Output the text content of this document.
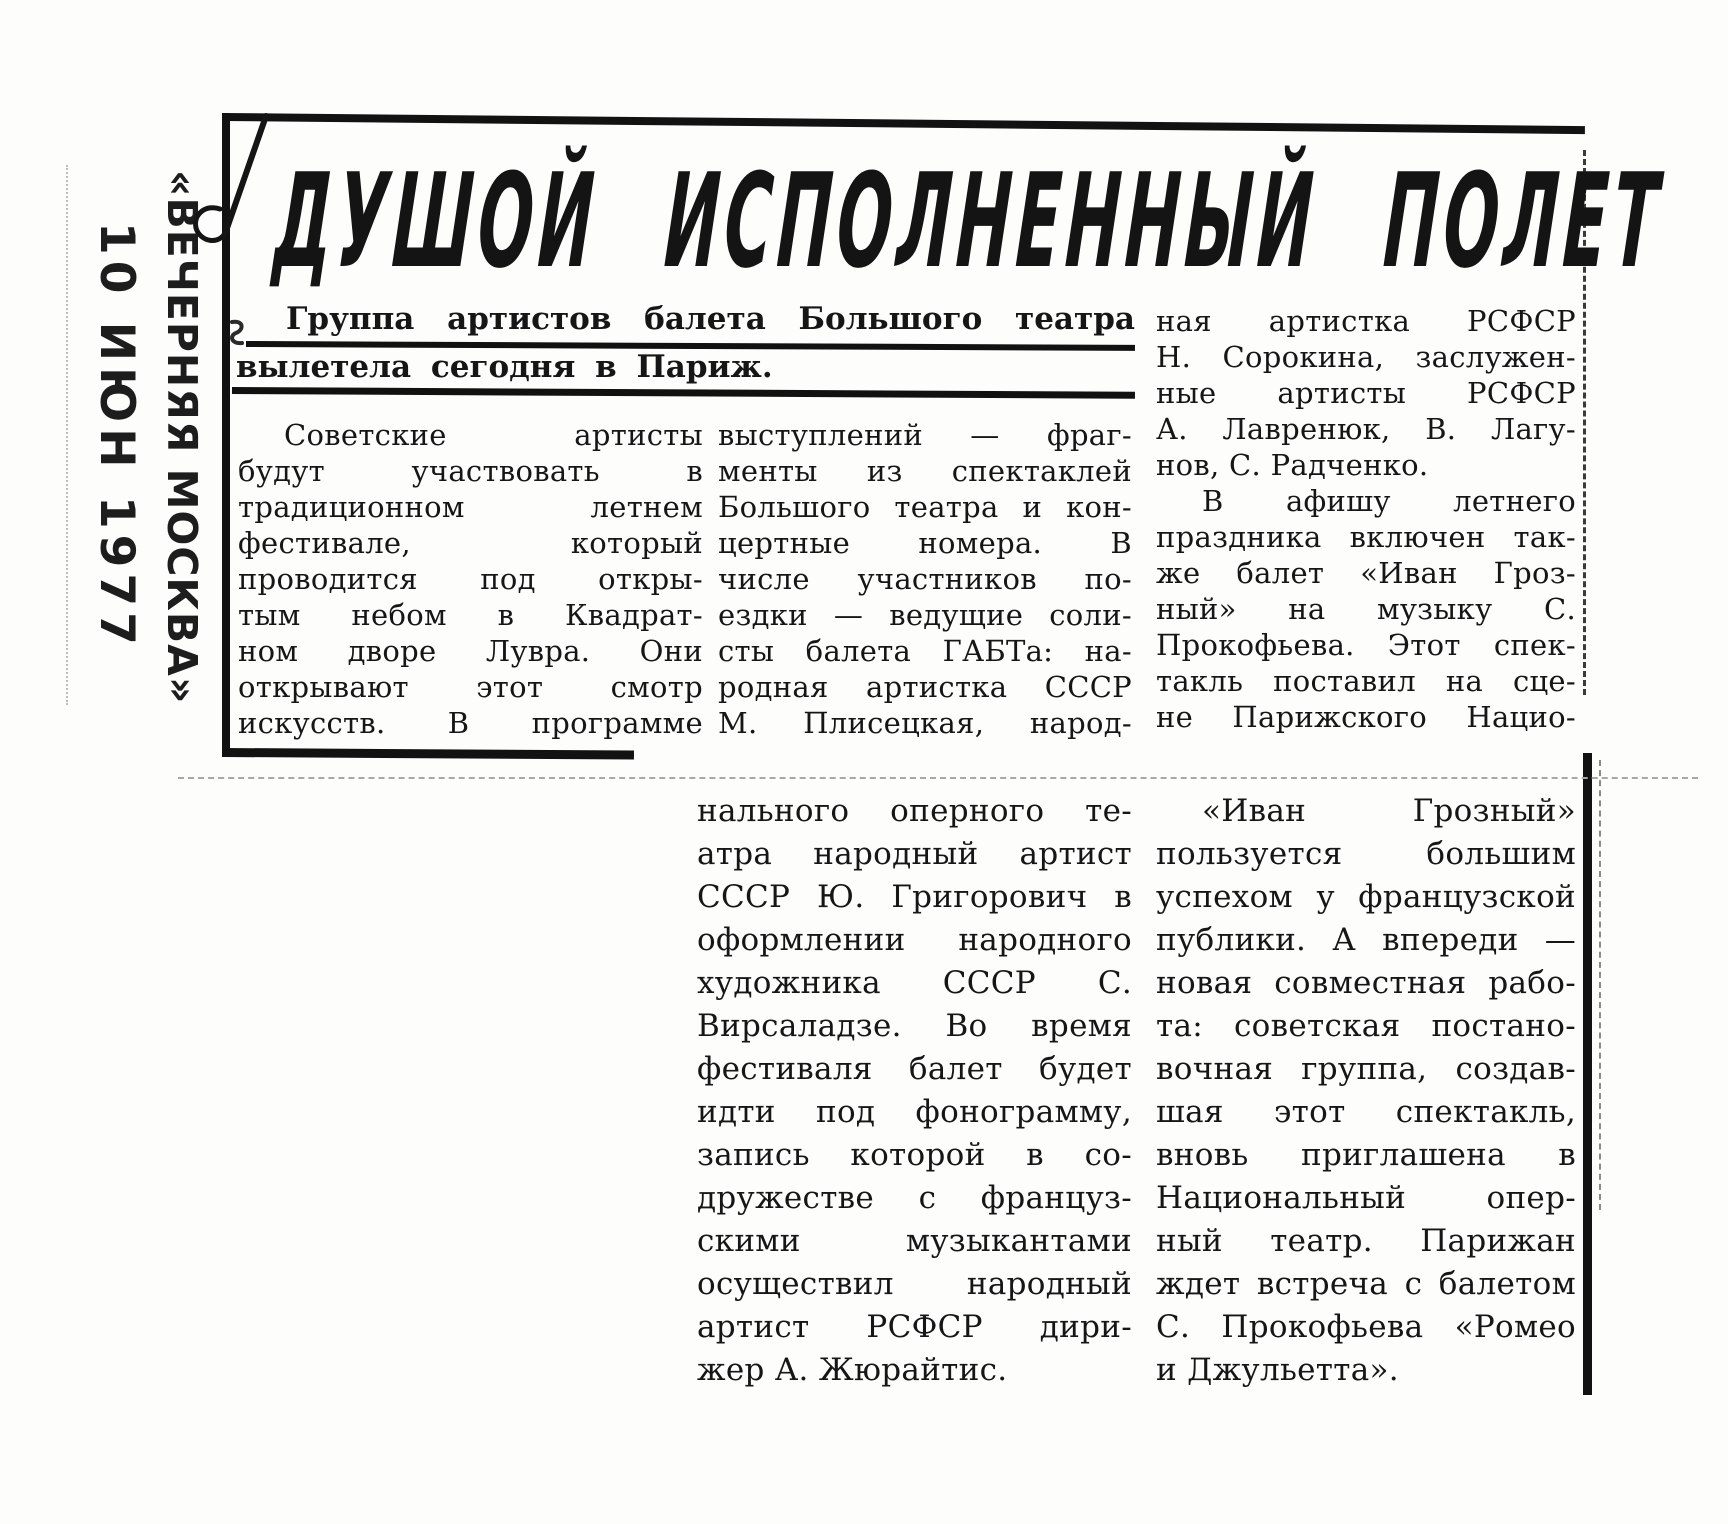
«ВЕЧЕРНЯЯ МОСКВА»
10 ИЮН 1977
ДУШОЙ ИСПОЛНЕННЫЙ ПОЛЕТ
Группа артистов балета Большого театра
вылетела сегодня в Париж.
Советские артисты
будут участвовать в
традиционном летнем
фестивале, который
проводится под откры-
тым небом в Квадрат-
ном дворе Лувра. Они
открывают этот смотр
искусств. В программе
выступлений — фраг-
менты из спектаклей
Большого театра и кон-
цертные номера. В
числе участников по-
ездки — ведущие соли-
сты балета ГАБТа: на-
родная артистка СССР
М. Плисецкая, народ-
ная артистка РСФСР
Н. Сорокина, заслужен-
ные артисты РСФСР
А. Лавренюк, В. Лагу-
нов, С. Радченко.
В афишу летнего
праздника включен так-
же балет «Иван Гроз-
ный» на музыку С.
Прокофьева. Этот спек-
такль поставил на сце-
не Парижского Нацио-
нального оперного те-
атра народный артист
СССР Ю. Григорович в
оформлении народного
художника СССР С.
Вирсаладзе. Во время
фестиваля балет будет
идти под фонограмму,
запись которой в со-
дружестве с француз-
скими музыкантами
осуществил народный
артист РСФСР дири-
жер А. Жюрайтис.
«Иван Грозный»
пользуется большим
успехом у французской
публики. А впереди —
новая совместная рабо-
та: советская постано-
вочная группа, создав-
шая этот спектакль,
вновь приглашена в
Национальный опер-
ный театр. Парижан
ждет встреча с балетом
С. Прокофьева «Ромео
и Джульетта».
